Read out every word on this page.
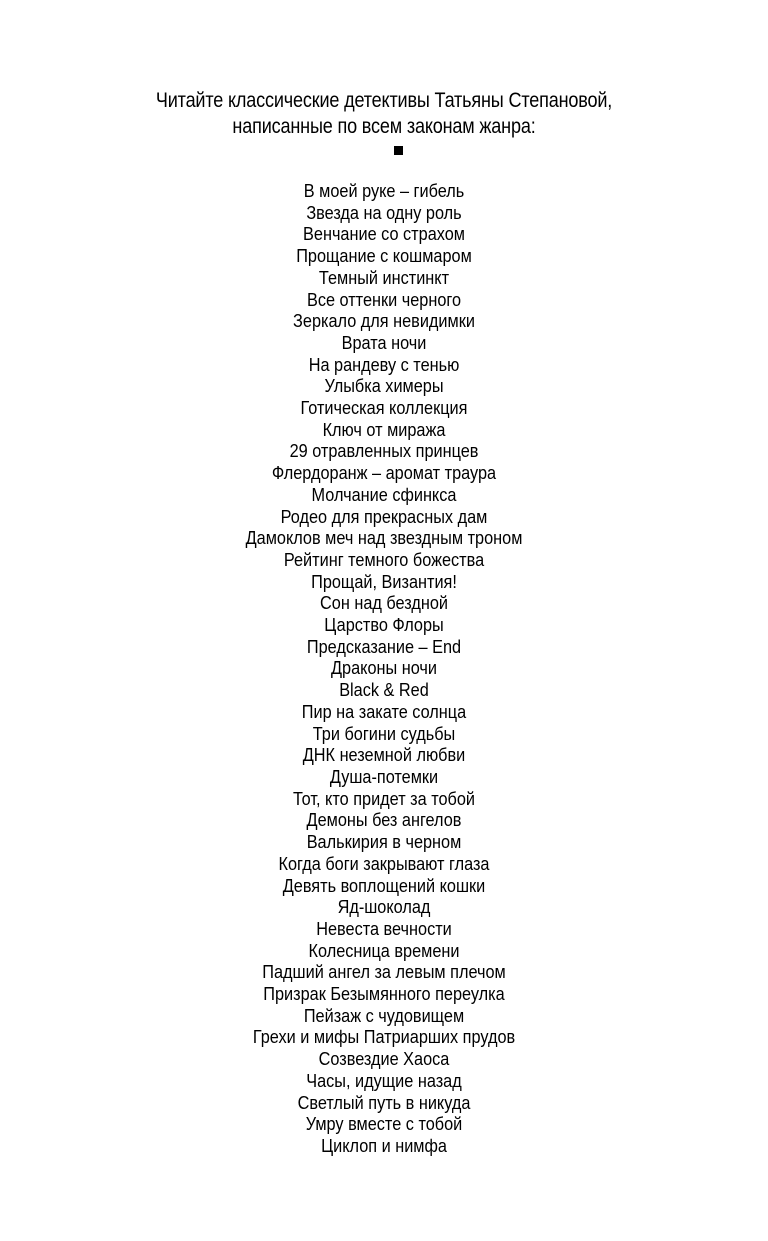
Читайте классические детективы Татьяны Степановой,
написанные по всем законам жанра:
В моей руке – гибель
Звезда на одну роль
Венчание со страхом
Прощание с кошмаром
Темный инстинкт
Все оттенки черного
Зеркало для невидимки
Врата ночи
На рандеву с тенью
Улыбка химеры
Готическая коллекция
Ключ от миража
29 отравленных принцев
Флердоранж – аромат траура
Молчание сфинкса
Родео для прекрасных дам
Дамоклов меч над звездным троном
Рейтинг темного божества
Прощай, Византия!
Сон над бездной
Царство Флоры
Предсказание – End
Драконы ночи
Black & Red
Пир на закате солнца
Три богини судьбы
ДНК неземной любви
Душа-потемки
Тот, кто придет за тобой
Демоны без ангелов
Валькирия в черном
Когда боги закрывают глаза
Девять воплощений кошки
Яд-шоколад
Невеста вечности
Колесница времени
Падший ангел за левым плечом
Призрак Безымянного переулка
Пейзаж с чудовищем
Грехи и мифы Патриарших прудов
Созвездие Хаоса
Часы, идущие назад
Светлый путь в никуда
Умру вместе с тобой
Циклоп и нимфа
